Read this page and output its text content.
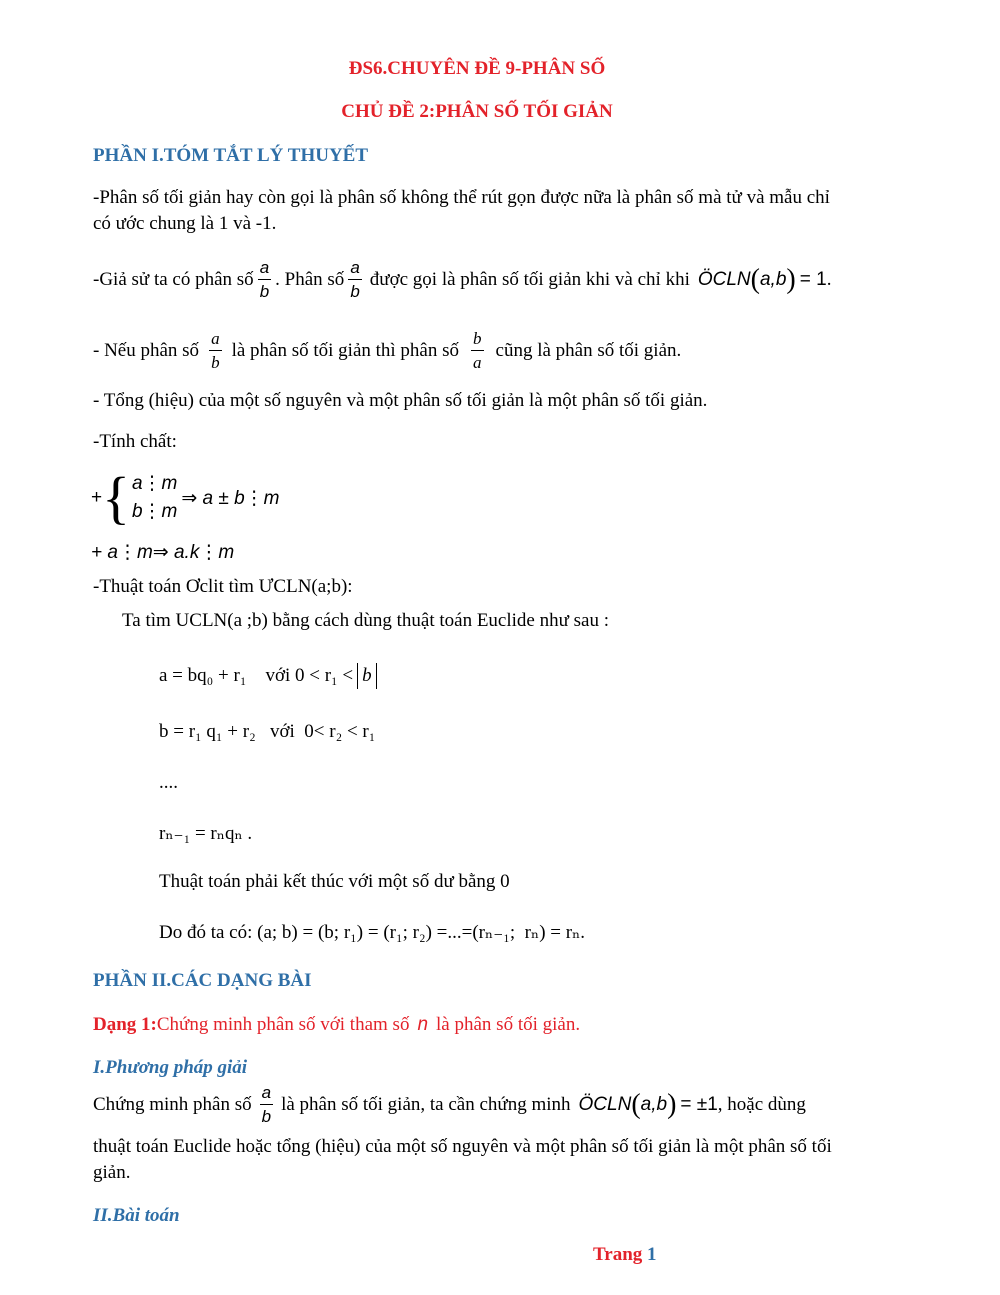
ĐS6.CHUYÊN ĐỀ 9-PHÂN SỐ
CHỦ ĐỀ 2:PHÂN SỐ TỐI GIẢN
PHẦN I.TÓM TẮT LÝ THUYẾT
-Phân số tối giản hay còn gọi là phân số không thể rút gọn được nữa là phân số mà tử và mẫu chỉ
có ước chung là 1 và -1.
-Giả sử ta có phân số $\frac{a}{b}$ . Phân số $\frac{a}{b}$ được gọi là phân số tối giản khi và chỉ khi ÖCLN ( a,b ) = 1 .
- Nếu phân số $\frac{a}{b}$ là phân số tối giản thì phân số $\frac{b}{a}$ cũng là phân số tối giản.
- Tổng (hiệu) của một số nguyên và một phân số tối giản là một phân số tối giản.
-Tính chất:
+ { a⋮m
b⋮m
⇒ a ± b⋮m
+ a⋮m⇒ a.k⋮m
-Thuật toán Ơclit tìm ƯCLN(a;b):
Ta tìm UCLN(a ;b) bằng cách dùng thuật toán Euclide như sau :
a = bq₀ + r₁    với 0 < r₁ < b
b = r₁ q₁ + r₂   với  0< r₂ < r₁
....
rₙ₋₁ = rₙqₙ .
Thuật toán phải kết thúc với một số dư bằng 0
Do đó ta có: (a; b) = (b; r₁) = (r₁; r₂) =...=(rₙ₋₁;  rₙ) = rₙ.
PHẦN II.CÁC DẠNG BÀI
Dạng 1: Chứng minh phân số với tham số n là phân số tối giản.
I.Phương pháp giải
Chứng minh phân số $\frac{a}{b}$ là phân số tối giản, ta cần chứng minh ÖCLN ( a,b ) = ±1 , hoặc dùng
thuật toán Euclide hoặc tổng (hiệu) của một số nguyên và một phân số tối giản là một phân số tối
giản.
II.Bài toán
Trang 1
